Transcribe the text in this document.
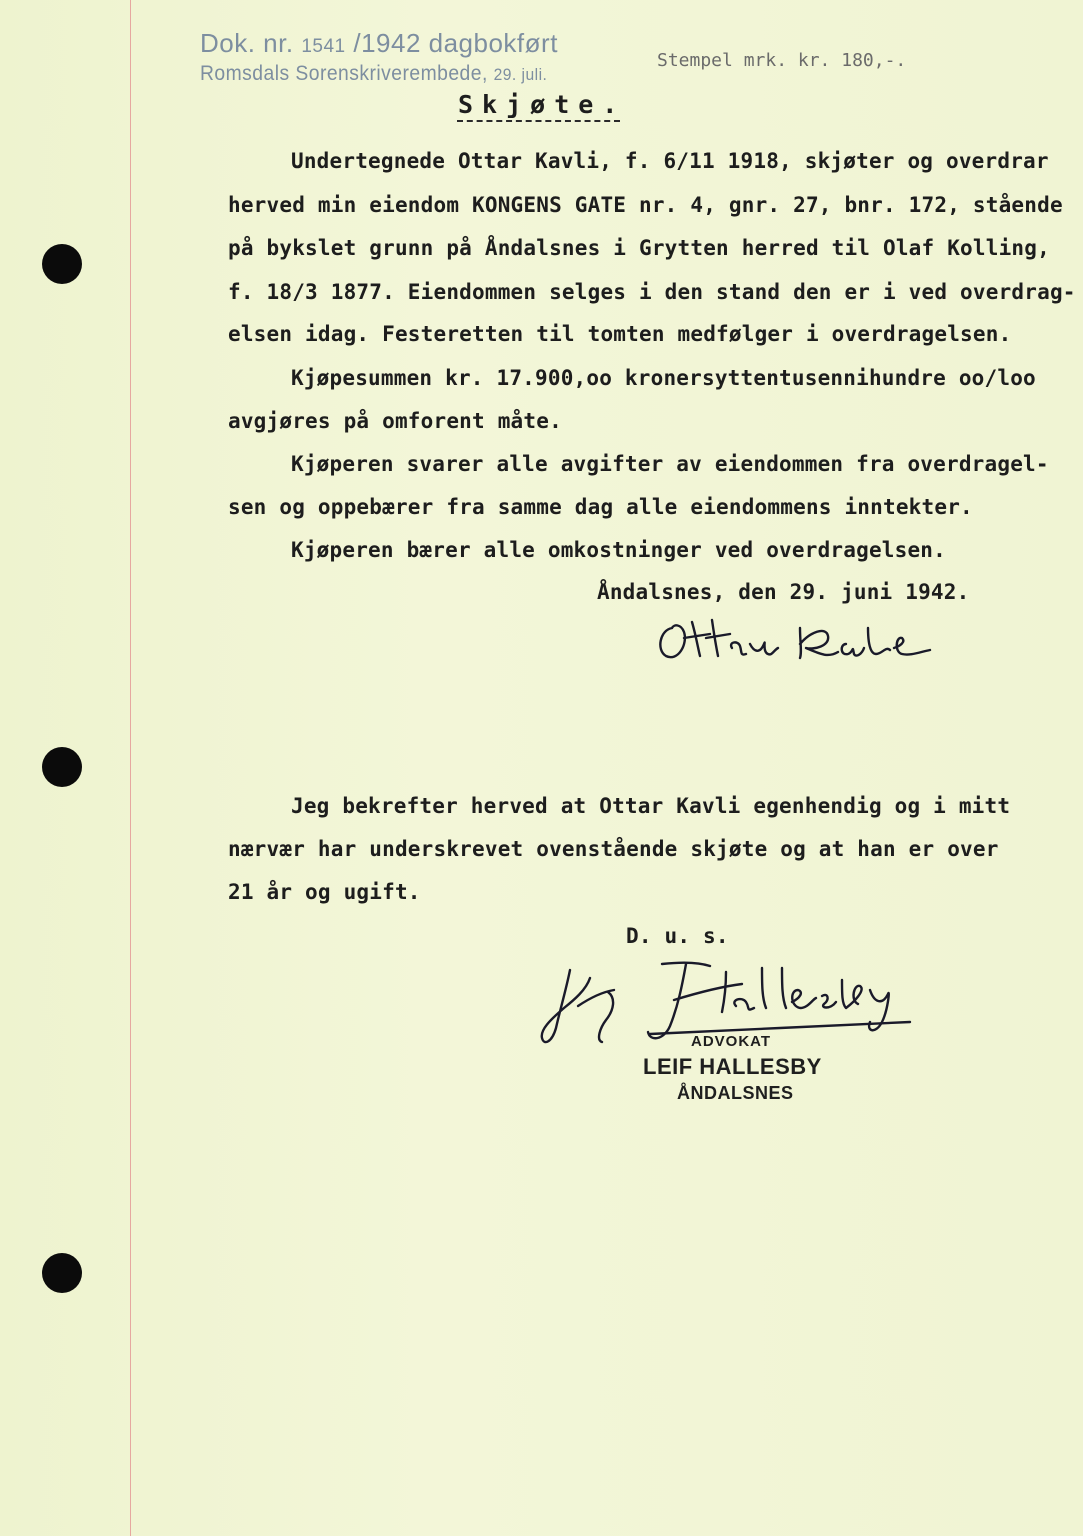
Dok. nr. 1541 /1942 dagbokført
Romsdals Sorenskriverembede, 29. juli.
Stempel mrk. kr. 180,-.
Skjøte.
Undertegnede Ottar Kavli, f. 6/11 1918, skjøter og overdrar
herved min eiendom KONGENS GATE nr. 4, gnr. 27, bnr. 172, stående
på bykslet grunn på Åndalsnes i Grytten herred til Olaf Kolling,
f. 18/3 1877. Eiendommen selges i den stand den er i ved overdrag-
elsen idag. Festeretten til tomten medfølger i overdragelsen.
Kjøpesummen kr. 17.900,oo kronersyttentusennihundre oo/loo
avgjøres på omforent måte.
Kjøperen svarer alle avgifter av eiendommen fra overdragel-
sen og oppebærer fra samme dag alle eiendommens inntekter.
Kjøperen bærer alle omkostninger ved overdragelsen.
Åndalsnes, den 29. juni 1942.
Jeg bekrefter herved at Ottar Kavli egenhendig og i mitt
nærvær har underskrevet ovenstående skjøte og at han er over
21 år og ugift.
D. u. s.
ADVOKAT
LEIF HALLESBY
ÅNDALSNES
